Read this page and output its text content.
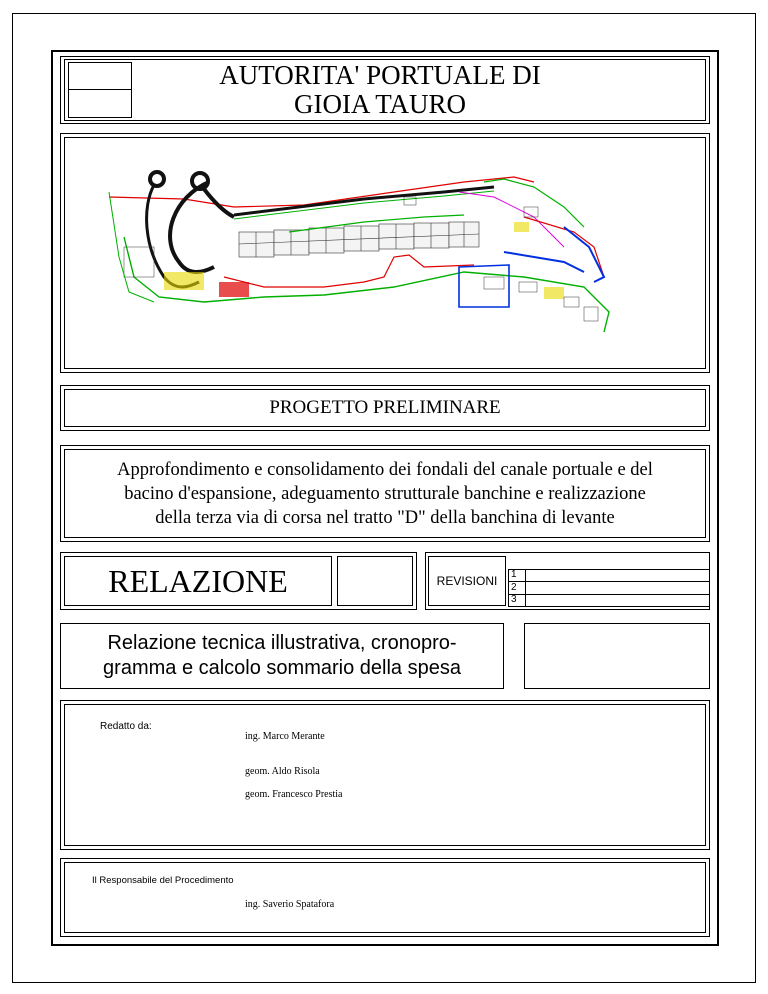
AUTORITA' PORTUALE DI
GIOIA TAURO
PROGETTO PRELIMINARE
Approfondimento e consolidamento dei fondali del canale portuale e del
bacino d'espansione, adeguamento strutturale banchine e realizzazione
della terza via di corsa nel tratto "D" della banchina di levante
RELAZIONE	REVISIONI 1
2
3
Relazione tecnica illustrativa, cronopro-
gramma e calcolo sommario della spesa
Redatto da:
ing. Marco Merante
geom. Aldo Risola
geom. Francesco Prestia
Il Responsabile del Procedimento
ing. Saverio Spatafora
